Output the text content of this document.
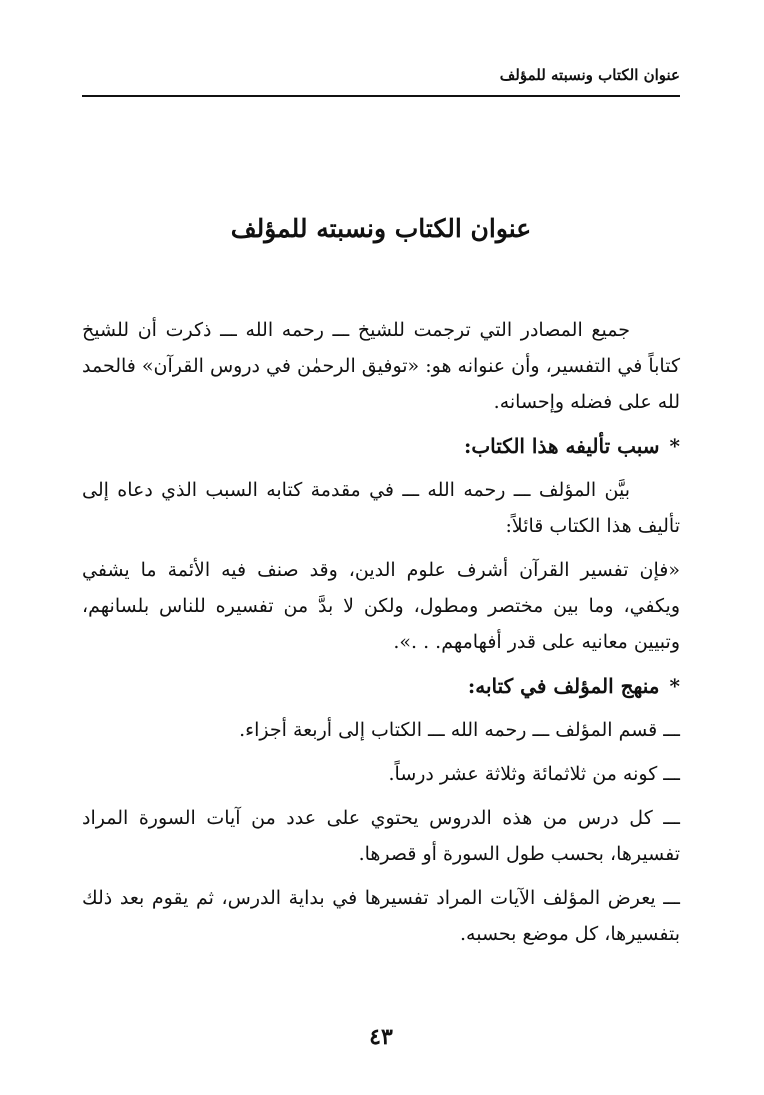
عنوان الكتاب ونسبته للمؤلف
عنوان الكتاب ونسبته للمؤلف

جميع المصادر التي ترجمت للشيخ ـــ رحمه الله ـــ ذكرت أن للشيخ كتاباً في التفسير، وأن عنوانه هو: «توفيق الرحمٰن في دروس القرآن» فالحمد لله على فضله وإحسانه.

*سبب تأليفه هذا الكتاب:

بيَّن المؤلف ـــ رحمه الله ـــ في مقدمة كتابه السبب الذي دعاه إلى تأليف هذا الكتاب قائلاً:

«فإن تفسير القرآن أشرف علوم الدين، وقد صنف فيه الأئمة ما يشفي ويكفي، وما بين مختصر ومطول، ولكن لا بدَّ من تفسيره للناس بلسانهم، وتبيين معانيه على قدر أفهامهم. . .».

*منهج المؤلف في كتابه:

ـــ قسم المؤلف ـــ رحمه الله ـــ الكتاب إلى أربعة أجزاء.

ـــ كونه من ثلاثمائة وثلاثة عشر درساً.

ـــ كل درس من هذه الدروس يحتوي على عدد من آيات السورة المراد تفسيرها، بحسب طول السورة أو قصرها.

ـــ يعرض المؤلف الآيات المراد تفسيرها في بداية الدرس، ثم يقوم بعد ذلك بتفسيرها، كل موضع بحسبه.

٤٣
